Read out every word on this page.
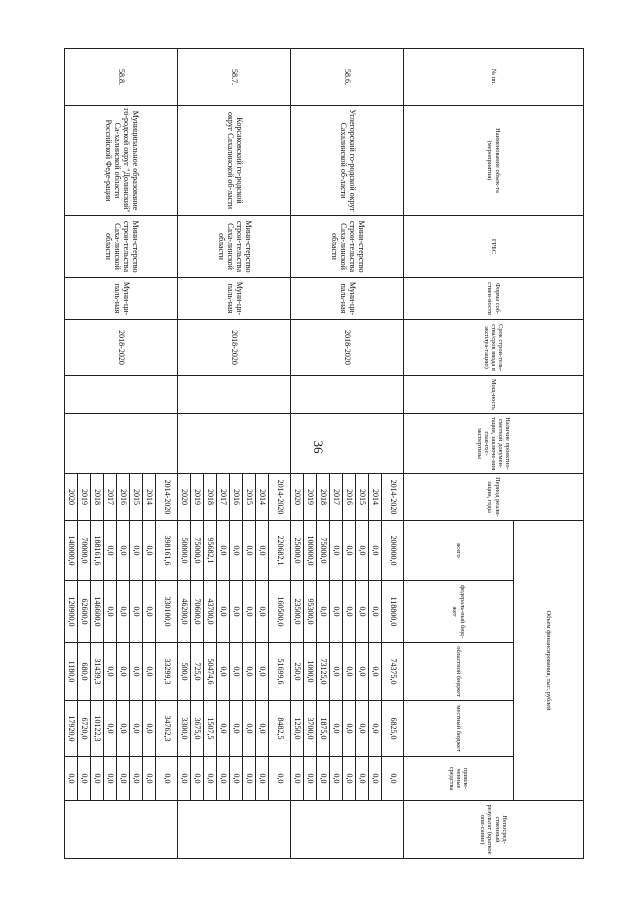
36
№ пп.	Наименование объек-та (мероприятия)	ГРБС	Форма соб-ствен-ности	Срок строи-тель-ства/срок ввода в эксплуа-тацию)	Мощ-ность	Наличие проектно-сметной докумен-тации, заключе-ния глав-гос-экспертизы	Период реали-зации, годы	Объем финансирования, тыс. рублей					Непосред-ственный результат (краткое опи-сание)
								всего	федераль-ный бюд-жет	областной бюджет	местный бюджет	привле-ченные средства	
58.6.	Углегорский го-родской округ Сахалинской об-ласти	Мини-стерство строи-тельства Саха-линской области	Муни-ци-паль-ная	2018-2020			2014-2020	200000,0	118800,0	74375,0	6825,0	0,0	
							2014	0,0	0,0	0,0	0,0	0,0	
							2015	0,0	0,0	0,0	0,0	0,0	
							2016	0,0	0,0	0,0	0,0	0,0	
							2017	0,0	0,0	0,0	0,0	0,0	
							2018	75000,0	0,0	73125,0	1875,0	0,0	
							2019	100000,0	95300,0	1000,0	3700,0	0,0	
							2020	25000,0	23500,0	250,0	1250,0	0,0	
58.7.	Корсаковский го-родской округ Сахалинской об-ласти	Мини-стерство строи-тельства Саха-линской области	Муни-ци-паль-ная	2018-2020			2014-2020	220682,1	160500,0	51699,6	8482,5	0,0	
							2014	0,0	0,0	0,0	0,0	0,0	
							2015	0,0	0,0	0,0	0,0	0,0	
							2016	0,0	0,0	0,0	0,0	0,0	
							2017	0,0	0,0	0,0	0,0	0,0	
							2018	95682,1	43700,0	50474,6	1507,5	0,0	
							2019	75000,0	70600,0	725,0	3675,0	0,0	
							2020	50000,0	46200,0	500,0	3300,0	0,0	
58.8.	Муниципальное образование го-родской округ "Долинский" Са-халинской области Российской Феде-рации	Мини-стерство строи-тельства Саха-линской области	Муни-ци-паль-ная	2018-2020			2014-2020	398161,6	330100,0	33299,3	34762,3	0,0	
							2014	0,0	0,0	0,0	0,0	0,0	
							2015	0,0	0,0	0,0	0,0	0,0	
							2016	0,0	0,0	0,0	0,0	0,0	
							2017	0,0	0,0	0,0	0,0	0,0	
							2018	188161,6	146600,0	31439,3	10122,3	0,0	
							2019	70000,0	62600,0	680,0	6720,0	0,0	
							2020	140000,0	120900,0	1180,0	17920,0	0,0	
